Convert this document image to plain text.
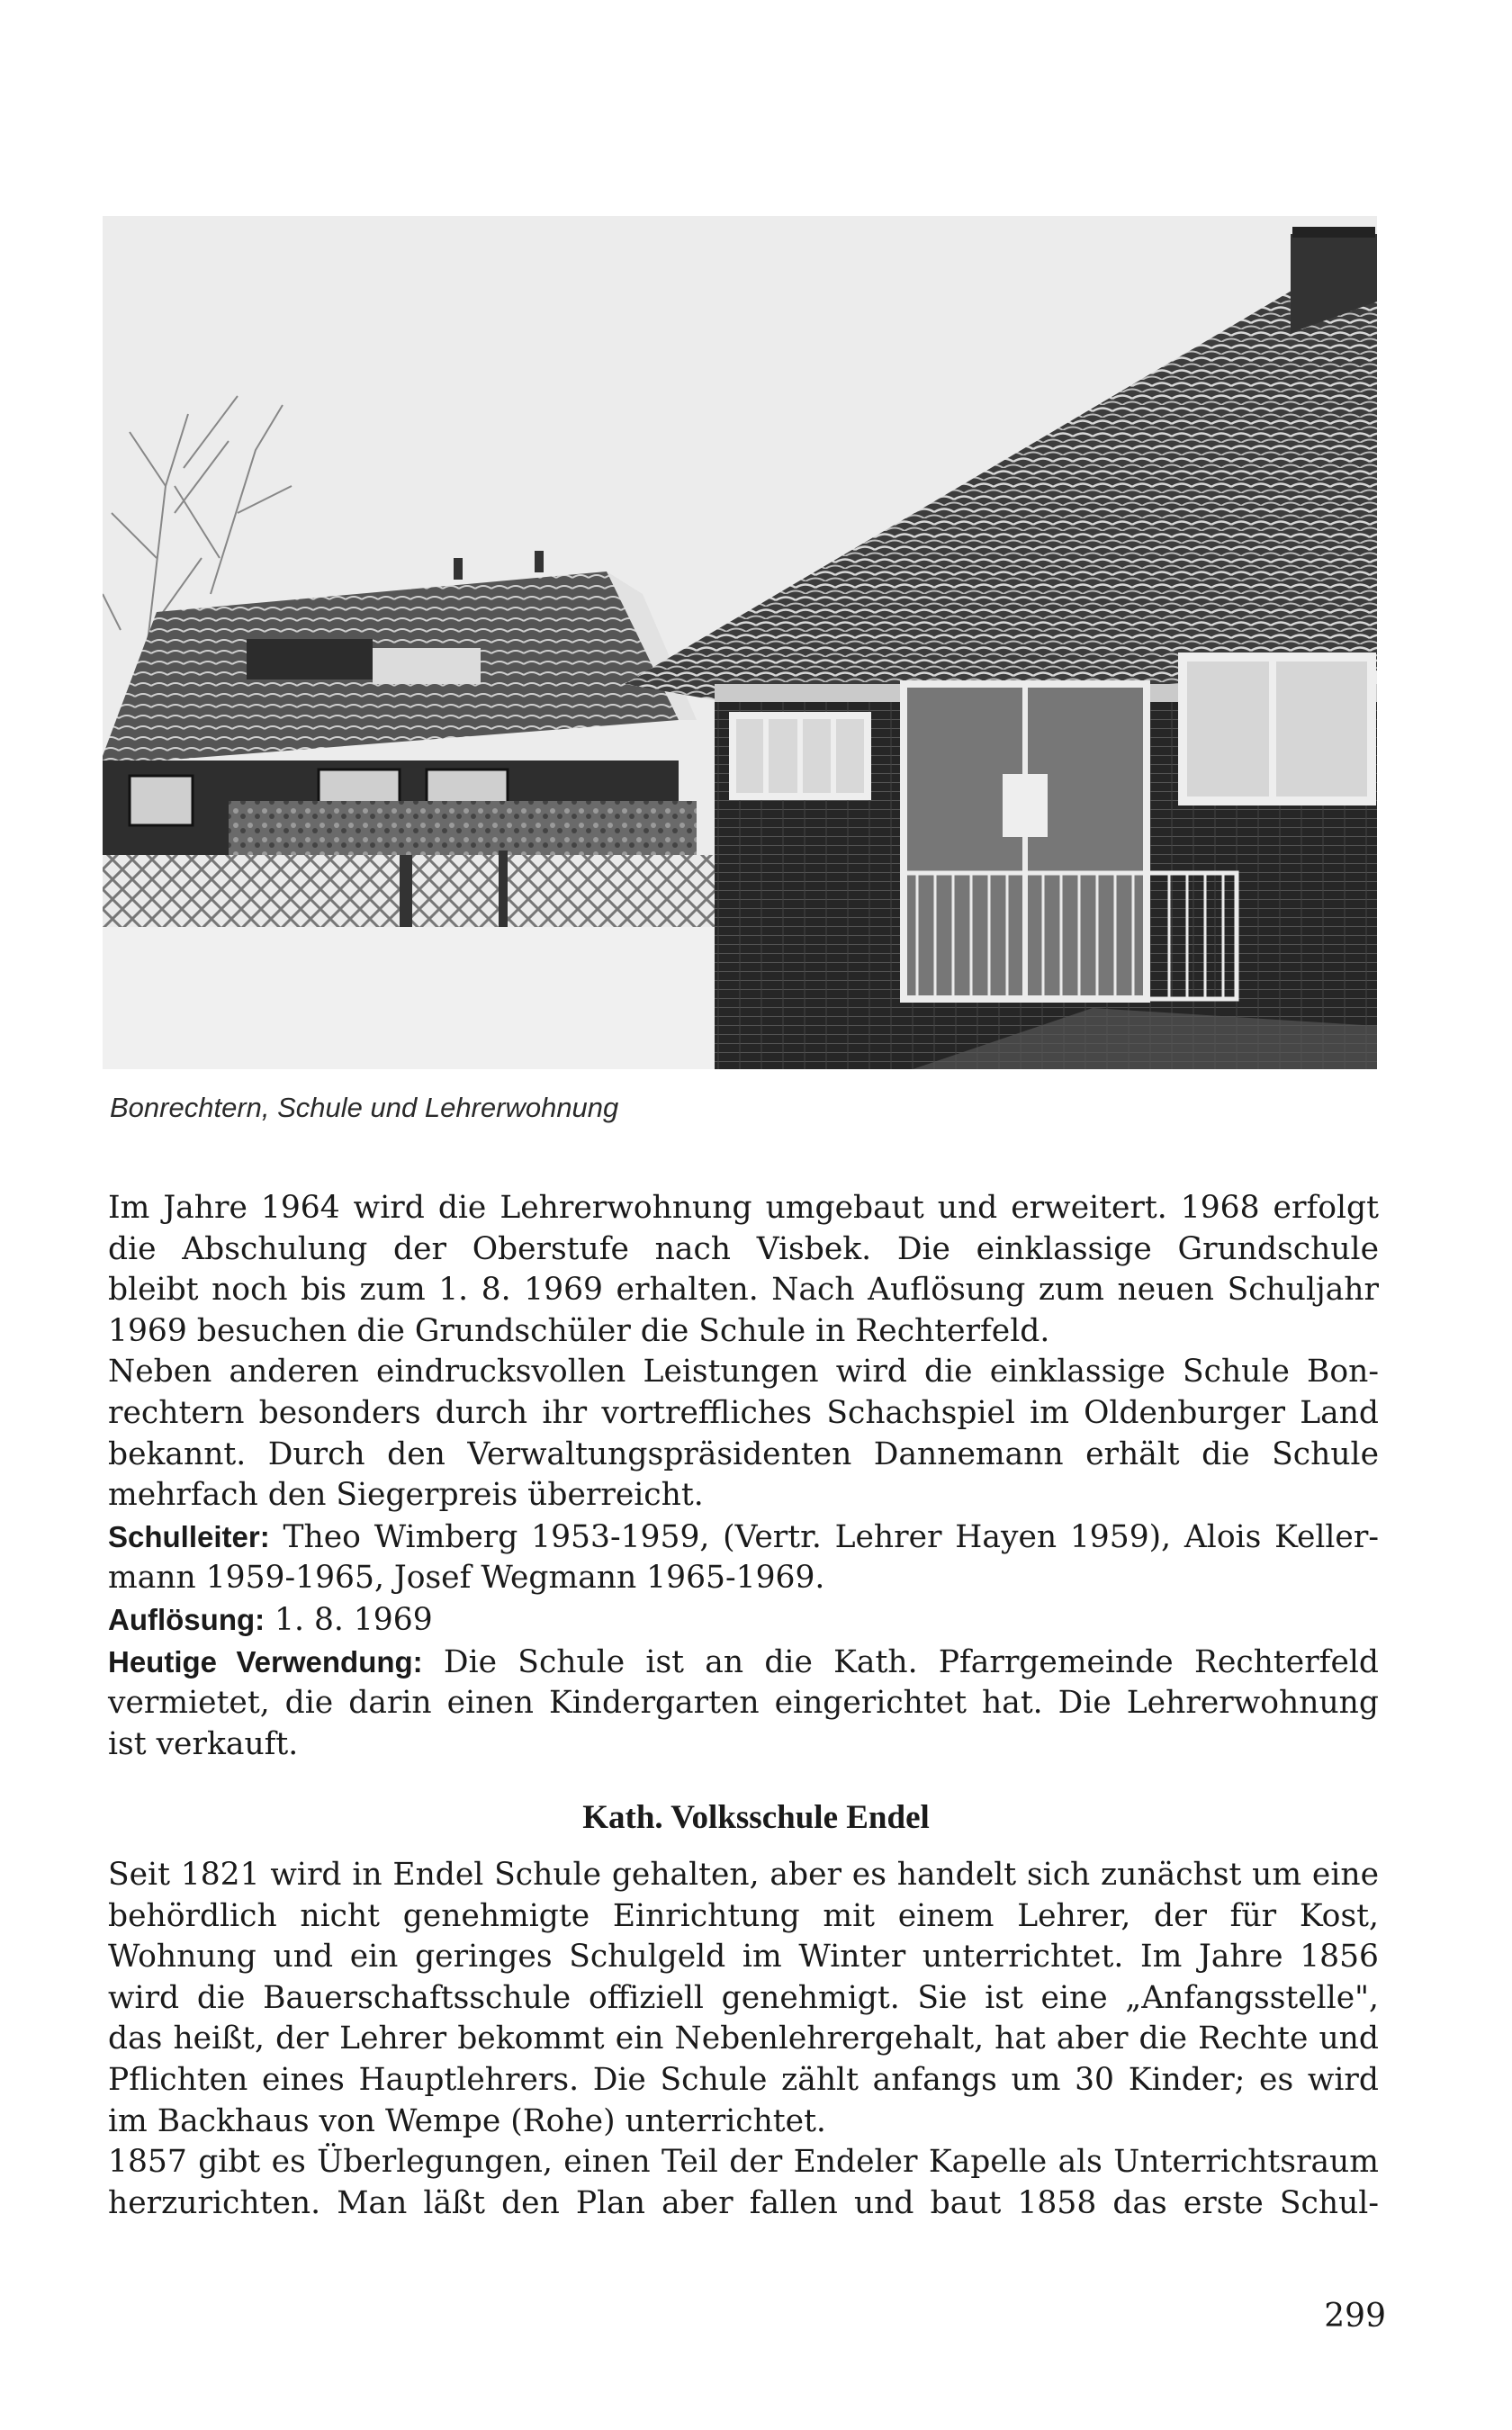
Bonrechtern, Schule und Lehrerwohnung

Im Jahre 1964 wird die Lehrerwohnung umgebaut und erweitert. 1968 erfolgt

die Abschulung der Oberstufe nach Visbek. Die einklassige Grundschule

bleibt noch bis zum 1. 8. 1969 erhalten. Nach Auflösung zum neuen Schuljahr

1969 besuchen die Grundschüler die Schule in Rechterfeld.

Neben anderen eindrucksvollen Leistungen wird die einklassige Schule Bon-

rechtern besonders durch ihr vortreffliches Schachspiel im Oldenburger Land

bekannt. Durch den Verwaltungspräsidenten Dannemann erhält die Schule

mehrfach den Siegerpreis überreicht.

Schulleiter: Theo Wimberg 1953-1959, (Vertr. Lehrer Hayen 1959), Alois Keller-

mann 1959-1965, Josef Wegmann 1965-1969.

Auflösung: 1. 8. 1969

Heutige Verwendung: Die Schule ist an die Kath. Pfarrgemeinde Rechterfeld

vermietet, die darin einen Kindergarten eingerichtet hat. Die Lehrerwohnung

ist verkauft.

Kath. Volksschule Endel

Seit 1821 wird in Endel Schule gehalten, aber es handelt sich zunächst um eine

behördlich nicht genehmigte Einrichtung mit einem Lehrer, der für Kost,

Wohnung und ein geringes Schulgeld im Winter unterrichtet. Im Jahre 1856

wird die Bauerschaftsschule offiziell genehmigt. Sie ist eine „Anfangsstelle",

das heißt, der Lehrer bekommt ein Nebenlehrergehalt, hat aber die Rechte und

Pflichten eines Hauptlehrers. Die Schule zählt anfangs um 30 Kinder; es wird

im Backhaus von Wempe (Rohe) unterrichtet.

1857 gibt es Überlegungen, einen Teil der Endeler Kapelle als Unterrichtsraum

herzurichten. Man läßt den Plan aber fallen und baut 1858 das erste Schul-

299
